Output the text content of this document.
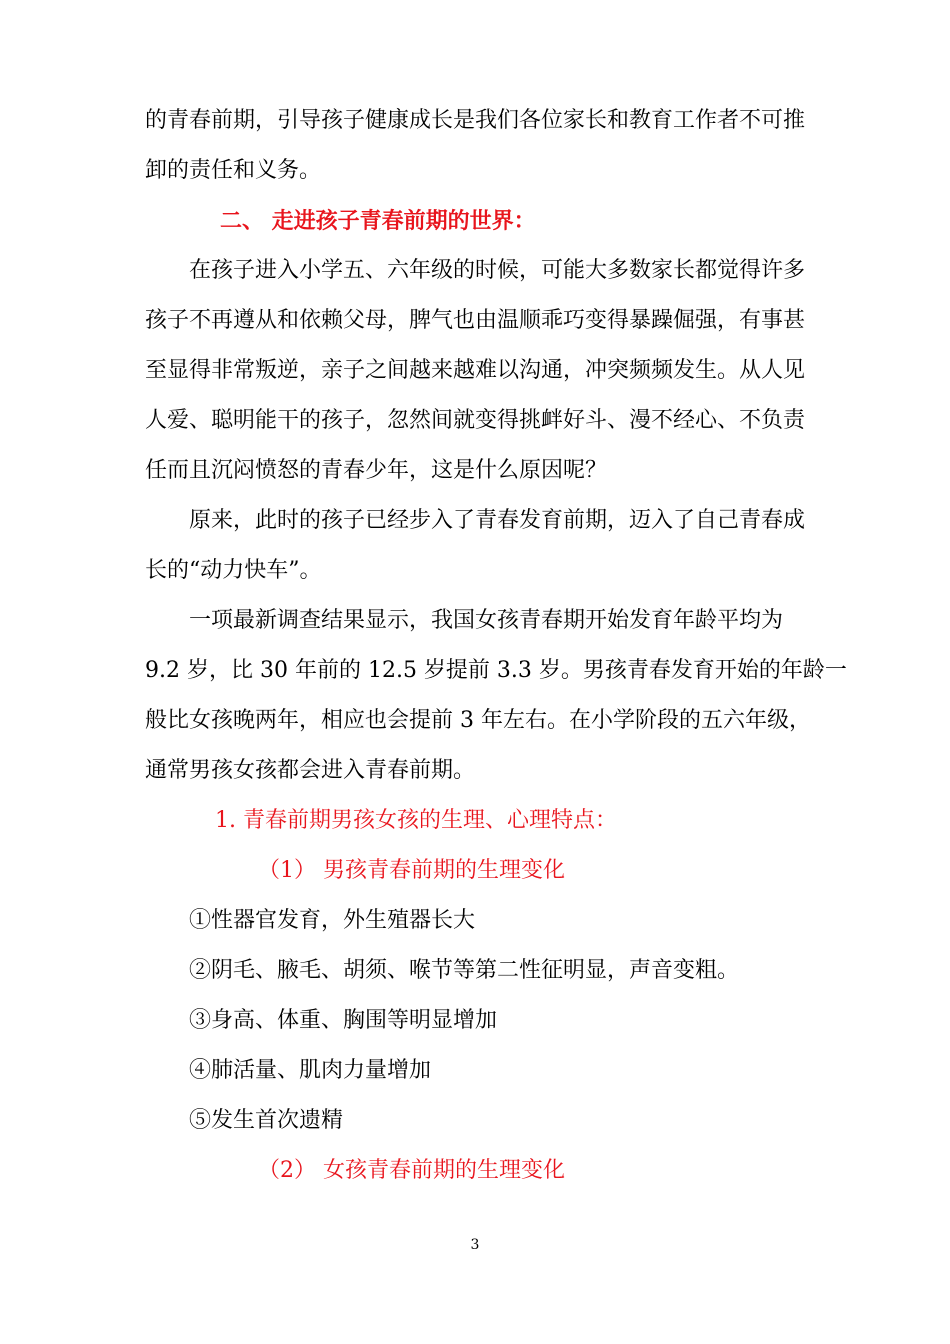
的青春前期，引导孩子健康成长是我们各位家长和教育工作者不可推
卸的责任和义务。
二、 走进孩子青春前期的世界：
在孩子进入小学五、六年级的时候，可能大多数家长都觉得许多
孩子不再遵从和依赖父母，脾气也由温顺乖巧变得暴躁倔强，有事甚
至显得非常叛逆，亲子之间越来越难以沟通，冲突频频发生。从人见
人爱、聪明能干的孩子，忽然间就变得挑衅好斗、漫不经心、不负责
任而且沉闷愤怒的青春少年，这是什么原因呢？
原来，此时的孩子已经步入了青春发育前期，迈入了自己青春成
长的“动力快车”。
一项最新调查结果显示，我国女孩青春期开始发育年龄平均为
9.2 岁，比 30 年前的 12.5 岁提前 3.3 岁。男孩青春发育开始的年龄一
般比女孩晚两年，相应也会提前 3 年左右。在小学阶段的五六年级，
通常男孩女孩都会进入青春前期。
1. 青春前期男孩女孩的生理、心理特点：
（1） 男孩青春前期的生理变化
①性器官发育，外生殖器长大
②阴毛、腋毛、胡须、喉节等第二性征明显，声音变粗。
③身高、体重、胸围等明显增加
④肺活量、肌肉力量增加
⑤发生首次遗精
（2） 女孩青春前期的生理变化
3
